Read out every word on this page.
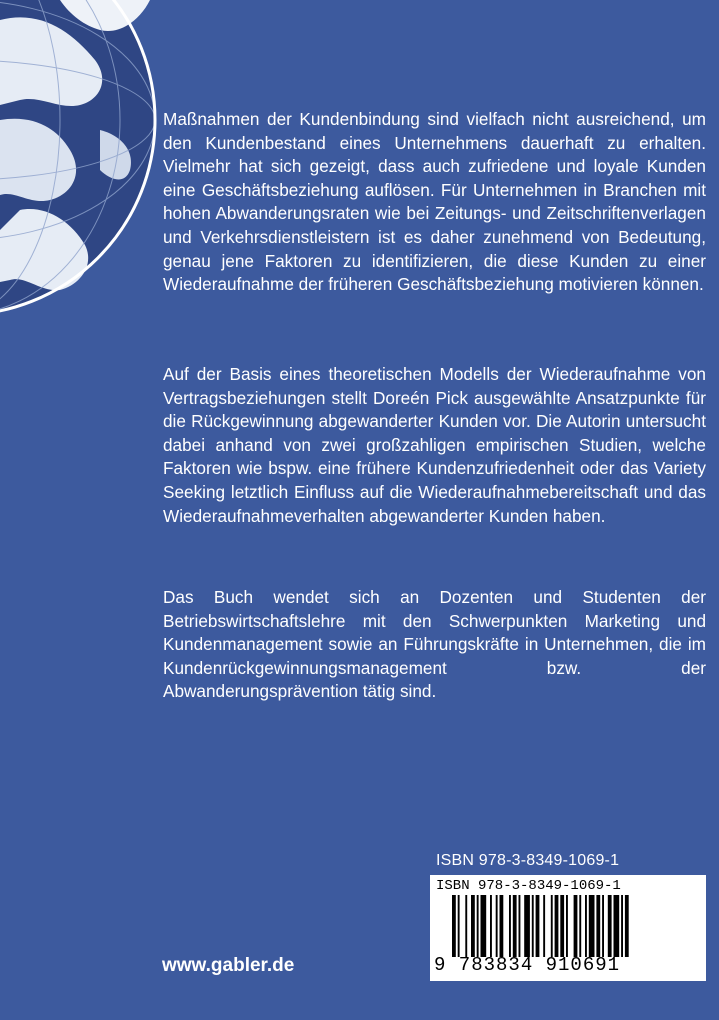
Maßnahmen der Kundenbindung sind vielfach nicht ausreichend, um den Kundenbestand eines Unternehmens dauerhaft zu erhalten. Vielmehr hat sich gezeigt, dass auch zufriedene und loyale Kunden eine Geschäftsbeziehung auflösen. Für Unternehmen in Branchen mit hohen Abwanderungsraten wie bei Zeitungs- und Zeitschriftenverlagen und Verkehrsdienstleistern ist es daher zunehmend von Bedeutung, genau jene Faktoren zu identifizieren, die diese Kunden zu einer Wiederaufnahme der früheren Geschäftsbeziehung motivieren können.

Auf der Basis eines theoretischen Modells der Wiederaufnahme von Vertragsbeziehungen stellt Doreén Pick ausgewählte Ansatzpunkte für die Rückgewinnung abgewanderter Kunden vor. Die Autorin untersucht dabei anhand von zwei großzahligen empirischen Studien, welche Faktoren wie bspw. eine frühere Kundenzufriedenheit oder das Variety Seeking letztlich Einfluss auf die Wiederaufnahmebereitschaft und das Wiederaufnahmeverhalten abgewanderter Kunden haben.

Das Buch wendet sich an Dozenten und Studenten der Betriebswirtschaftslehre mit den Schwerpunkten Marketing und Kundenmanagement sowie an Führungskräfte in Unternehmen, die im Kundenrückgewinnungsmanagement bzw. der Abwanderungsprävention tätig sind.

ISBN 978-3-8349-1069-1
ISBN 978-3-8349-1069-1
9 783834 910691
www.gabler.de
